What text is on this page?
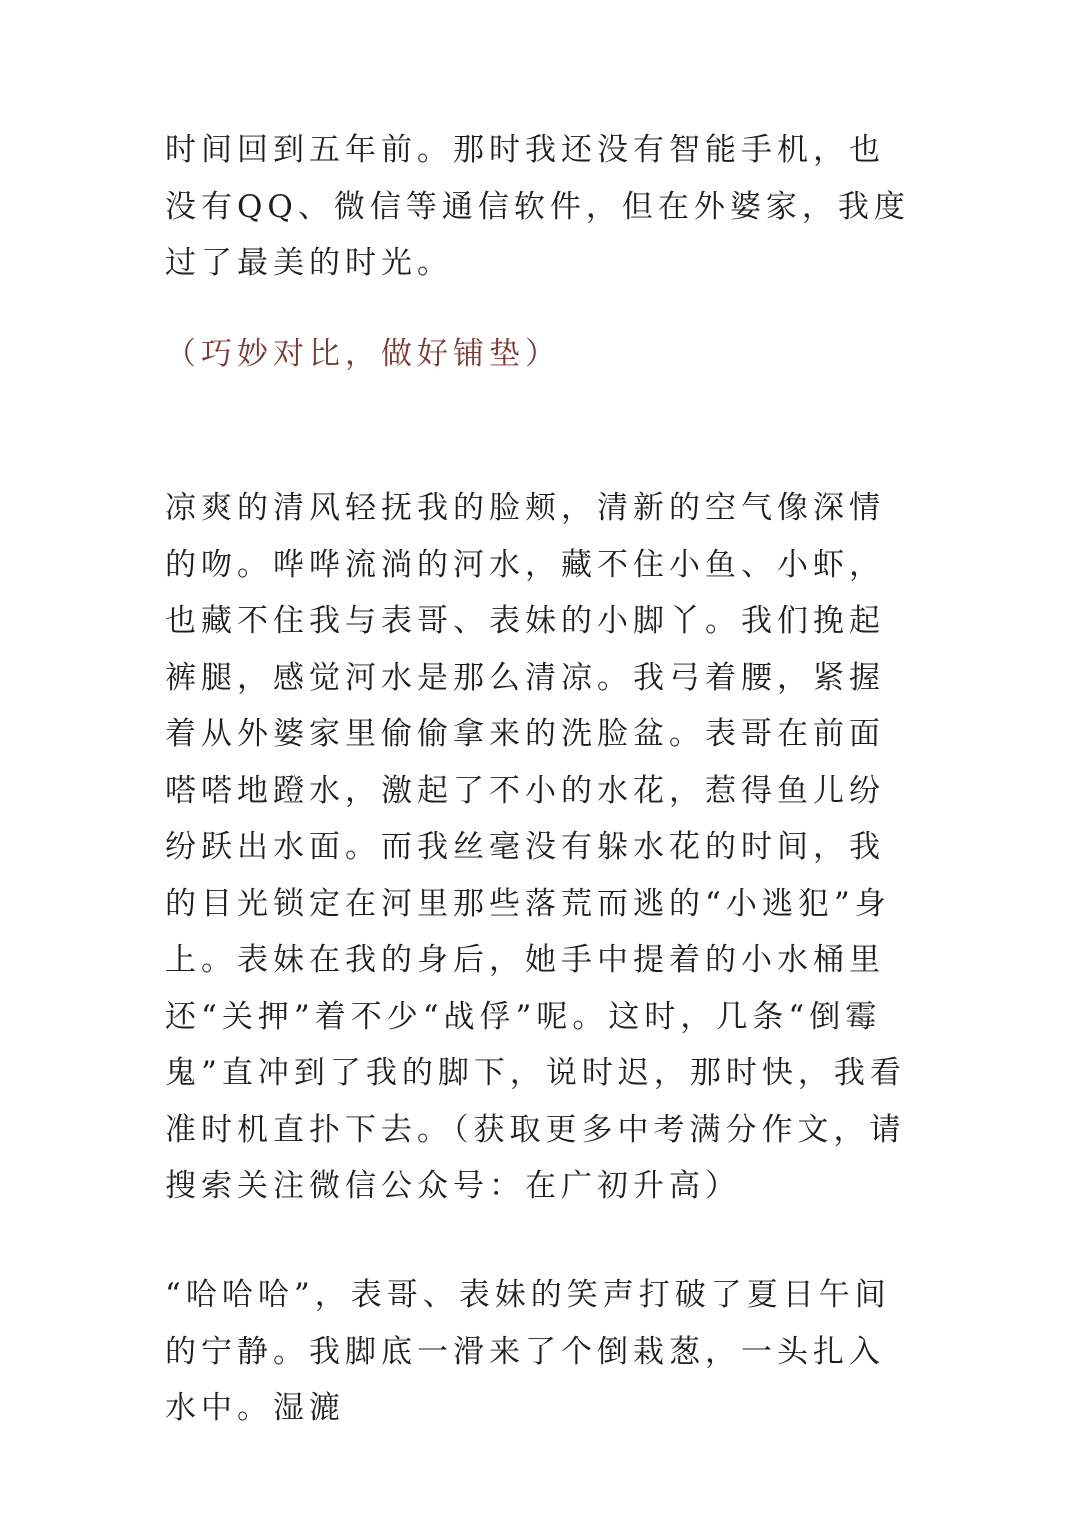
时间回到五年前。那时我还没有智能手机，也没有QQ、微信等通信软件，但在外婆家，我度过了最美的时光。

（巧妙对比，做好铺垫）

凉爽的清风轻抚我的脸颊，清新的空气像深情的吻。哗哗流淌的河水，藏不住小鱼、小虾，也藏不住我与表哥、表妹的小脚丫。我们挽起裤腿，感觉河水是那么清凉。我弓着腰，紧握着从外婆家里偷偷拿来的洗脸盆。表哥在前面嗒嗒地蹬水，激起了不小的水花，惹得鱼儿纷纷跃出水面。而我丝毫没有躲水花的时间，我的目光锁定在河里那些落荒而逃的“小逃犯”身上。表妹在我的身后，她手中提着的小水桶里还“关押”着不少“战俘”呢。这时，几条“倒霉鬼”直冲到了我的脚下，说时迟，那时快，我看准时机直扑下去。（获取更多中考满分作文，请搜索关注微信公众号：在广初升高）

“哈哈哈”，表哥、表妹的笑声打破了夏日午间的宁静。我脚底一滑来了个倒栽葱，一头扎入水中。湿漉
